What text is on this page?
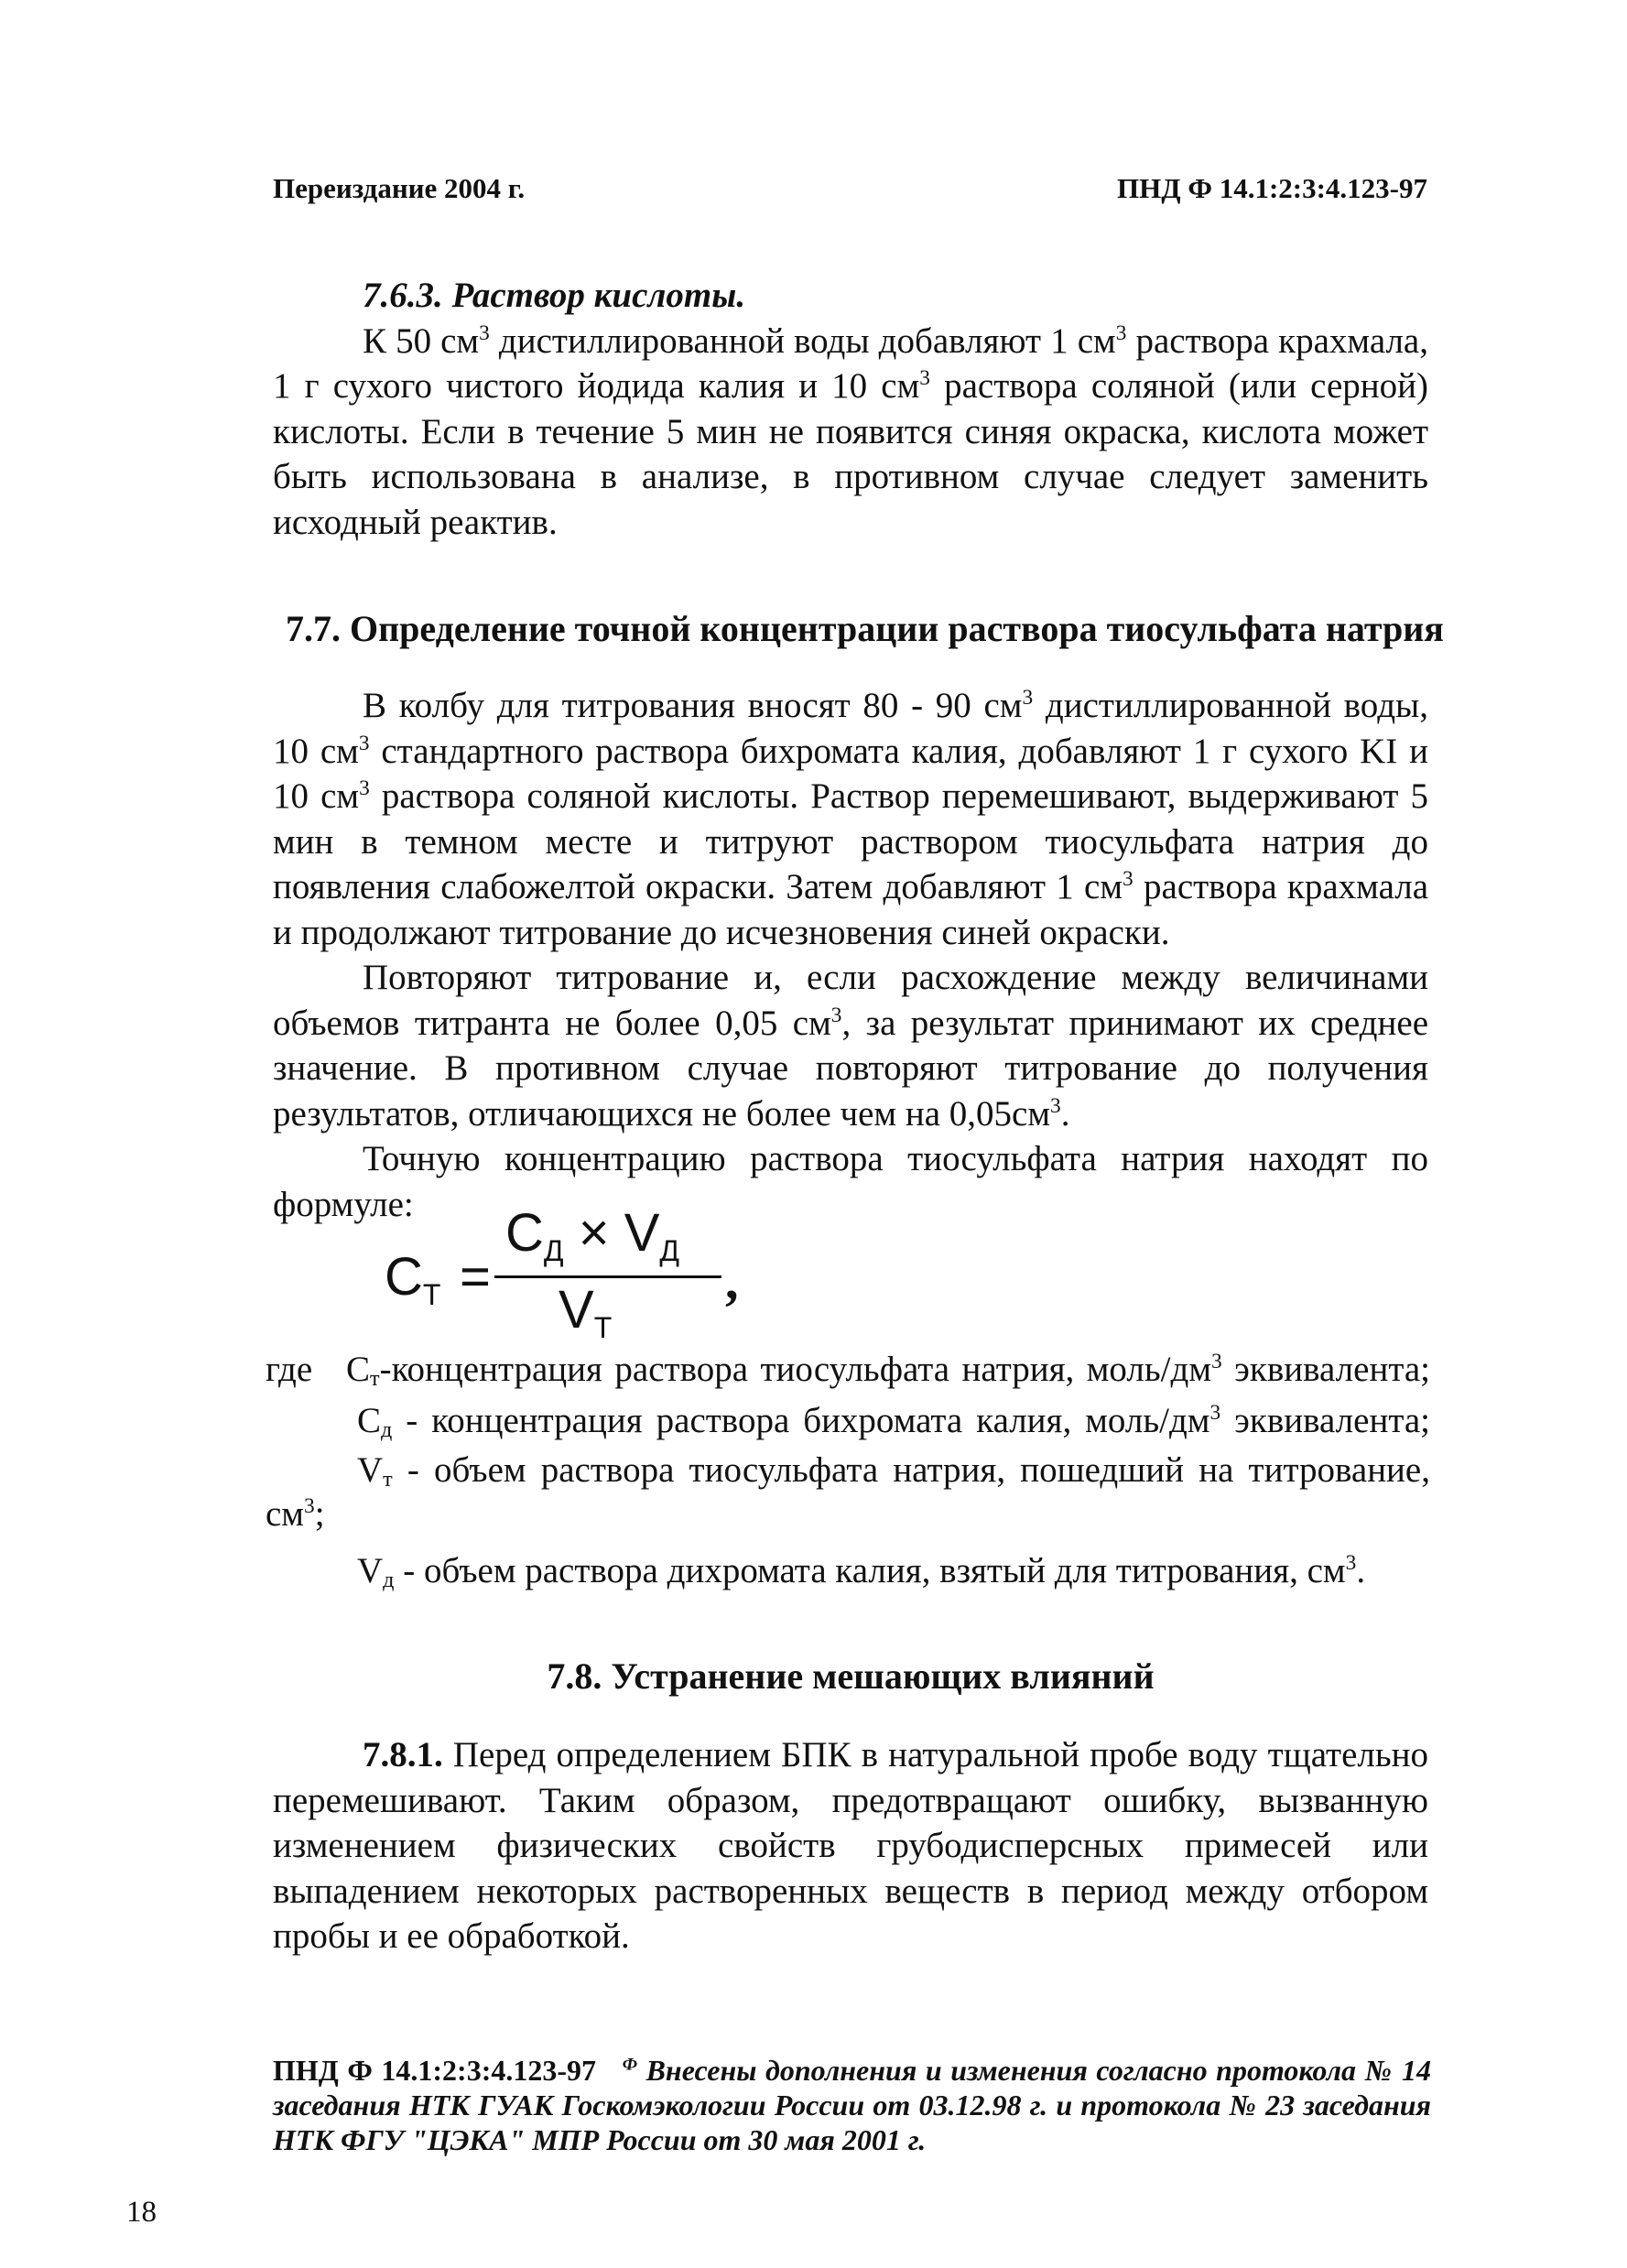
Переиздание 2004 г.	ПНД Ф 14.1:2:3:4.123-97

7.6.3. Раствор кислоты.

К 50 $см^3$ дистиллированной воды добавляют 1 $см^3$ раствора крахмала, 1 г сухого чистого йодида калия и 10 $см^3$ раствора соляной (или серной) кислоты. Если в течение 5 мин не появится синяя окраска, кислота может быть использована в анализе, в противном случае следует заменить исходный реактив.

7.7. Определение точной концентрации раствора тиосульфата натрия

В колбу для титрования вносят 80 - 90 $см^3$ дистиллированной воды, 10 $см^3$ стандартного раствора бихромата калия, добавляют 1 г сухого KI и 10 $см^3$ раствора соляной кислоты. Раствор перемешивают, выдерживают 5 мин в темном месте и титруют раствором тиосульфата натрия до появления слабожелтой окраски. Затем добавляют 1 $см^3$ раствора крахмала и продолжают титрование до исчезновения синей окраски.

Повторяют титрование и, если расхождение между величинами объемов титранта не более 0,05 $см^3$, за результат принимают их среднее значение. В противном случае повторяют титрование до получения результатов, отличающихся не более чем на $0,05см^3$.

Точную концентрацию раствора тиосульфата натрия находят по формуле:

$С_Т$ =
$С_Д \times V_Д$
$V_Т$
,
где $С_т$-концентрация раствора тиосульфата натрия, моль/$дм^3$ эквивалента;
$С_д$ - концентрация раствора бихромата калия, моль/$дм^3$ эквивалента;
$V_т$ - объем раствора тиосульфата натрия, пошедший на титрование,
$см^3$;
$V_д$ - объем раствора дихромата калия, взятый для титрования, $см^3$.

7.8. Устранение мешающих влияний

7.8.1. Перед определением БПК в натуральной пробе воду тщательно перемешивают. Таким образом, предотвращают ошибку, вызванную изменением физических свойств грубодисперсных примесей или выпадением некоторых растворенных веществ в период между отбором пробы и ее обработкой.

ПНД Ф 14.1:2:3:4.123-97 $^Ф$ Внесены дополнения и изменения согласно протокола № 14 заседания НТК ГУАК Госкомэкологии России от 03.12.98 г. и протокола № 23 заседания НТК ФГУ "ЦЭКА" МПР России от 30 мая 2001 г.
18
